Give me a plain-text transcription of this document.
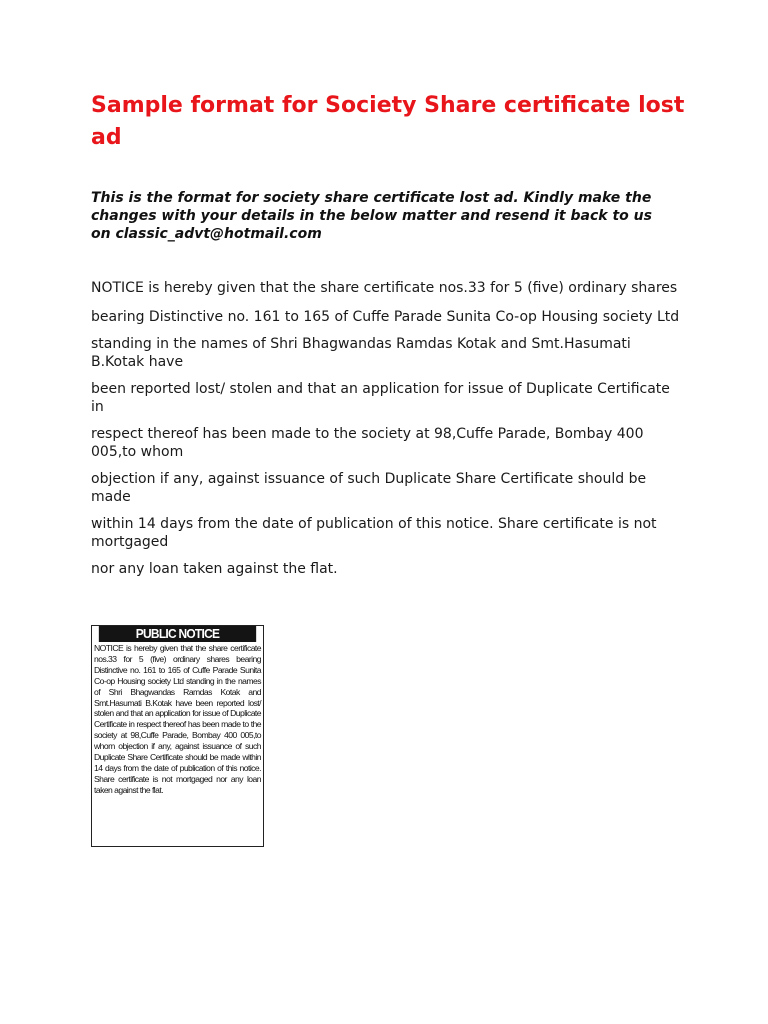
Sample format for Society Share certificate lost ad

This is the format for society share certificate lost ad. Kindly make the changes with your details in the below matter and resend it back to us on classic_advt@hotmail.com

NOTICE is hereby given that the share certificate nos.33 for 5 (five) ordinary shares

bearing Distinctive no. 161 to 165 of Cuffe Parade Sunita Co-op Housing society Ltd

standing in the names of Shri Bhagwandas Ramdas Kotak and Smt.Hasumati B.Kotak have

been reported lost/ stolen and that an application for issue of Duplicate Certificate in

respect thereof has been made to the society at 98,Cuffe Parade, Bombay 400 005,to whom

objection if any, against issuance of such Duplicate Share Certificate should be made

within 14 days from the date of publication of this notice. Share certificate is not mortgaged

nor any loan taken against the flat.

PUBLIC NOTICE

NOTICE is hereby given that the share certificate nos.33 for 5 (five) ordinary shares bearing Distinctive no. 161 to 165 of Cuffe Parade Sunita Co-op Housing society Ltd standing in the names of Shri Bhagwandas Ramdas Kotak and Smt.Hasumati B.Kotak have been reported lost/ stolen and that an application for issue of Duplicate Certificate in respect thereof has been made to the society at 98,Cuffe Parade, Bombay 400 005,to whom objection if any, against issuance of such Duplicate Share Certificate should be made within 14 days from the date of publication of this notice. Share certificate is not mortgaged nor any loan taken against the flat.
